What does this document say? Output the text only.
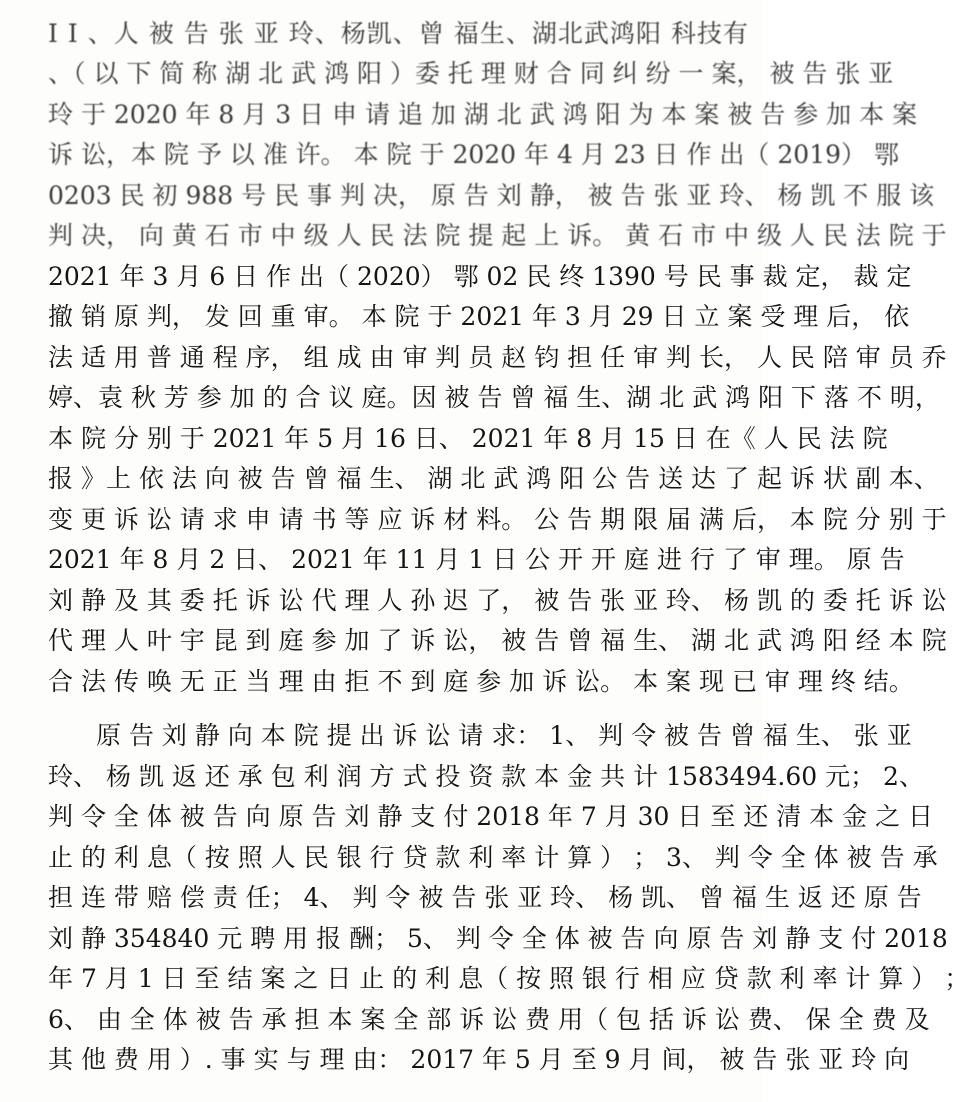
Ⅰ Ⅰ 、人 被 告 张 亚 玲、杨凯、曾 福生、湖北武鸿阳 科技有
、（ 以 下 简 称 湖 北 武 鸿 阳 ）委 托 理 财 合 同 纠 纷 一 案， 被 告 张 亚
玲 于 2020 年 8 月 3 日 申 请 追 加 湖 北 武 鸿 阳 为 本 案 被 告 参 加 本 案
诉 讼，本 院 予 以 准 许。 本 院 于 2020 年 4 月 23 日 作 出（ 2019） 鄂
0203 民 初 988 号 民 事 判 决， 原 告 刘 静， 被 告 张 亚 玲、 杨 凯 不 服 该
判 决， 向 黄 石 市 中 级 人 民 法 院 提 起 上 诉。 黄 石 市 中 级 人 民 法 院 于
2021 年 3 月 6 日 作 出（ 2020） 鄂 02 民 终 1390 号 民 事 裁 定， 裁 定
撤 销 原 判， 发 回 重 审。 本 院 于 2021 年 3 月 29 日 立 案 受 理 后， 依
法 适 用 普 通 程 序， 组 成 由 审 判 员 赵 钧 担 任 审 判 长， 人 民 陪 审 员 乔
婷、袁 秋 芳 参 加 的 合 议 庭。因 被 告 曾 福 生、湖 北 武 鸿 阳 下 落 不 明，
本 院 分 别 于 2021 年 5 月 16 日、 2021 年 8 月 15 日 在《 人 民 法 院
报 》上 依 法 向 被 告 曾 福 生、 湖 北 武 鸿 阳 公 告 送 达 了 起 诉 状 副 本、
变 更 诉 讼 请 求 申 请 书 等 应 诉 材 料。 公 告 期 限 届 满 后， 本 院 分 别 于
2021 年 8 月 2 日、 2021 年 11 月 1 日 公 开 开 庭 进 行 了 审 理。 原 告
刘 静 及 其 委 托 诉 讼 代 理 人 孙 迟 了， 被 告 张 亚 玲、 杨 凯 的 委 托 诉 讼
代 理 人 叶 宇 昆 到 庭 参 加 了 诉 讼， 被 告 曾 福 生、 湖 北 武 鸿 阳 经 本 院
合 法 传 唤 无 正 当 理 由 拒 不 到 庭 参 加 诉 讼。 本 案 现 已 审 理 终 结。
原 告 刘 静 向 本 院 提 出 诉 讼 请 求： 1、 判 令 被 告 曾 福 生、 张 亚
玲、 杨 凯 返 还 承 包 利 润 方 式 投 资 款 本 金 共 计 1583494.60 元； 2、
判 令 全 体 被 告 向 原 告 刘 静 支 付 2018 年 7 月 30 日 至 还 清 本 金 之 日
止 的 利 息（ 按 照 人 民 银 行 贷 款 利 率 计 算 ） ； 3、 判 令 全 体 被 告 承
担 连 带 赔 偿 责 任； 4、 判 令 被 告 张 亚 玲、 杨 凯、 曾 福 生 返 还 原 告
刘 静 354840 元 聘 用 报 酬； 5、 判 令 全 体 被 告 向 原 告 刘 静 支 付 2018
年 7 月 1 日 至 结 案 之 日 止 的 利 息（ 按 照 银 行 相 应 贷 款 利 率 计 算 ） ；
6、 由 全 体 被 告 承 担 本 案 全 部 诉 讼 费 用（ 包 括 诉 讼 费、 保 全 费 及
其 他 费 用 ）. 事 实 与 理 由： 2017 年 5 月 至 9 月 间， 被 告 张 亚 玲 向
